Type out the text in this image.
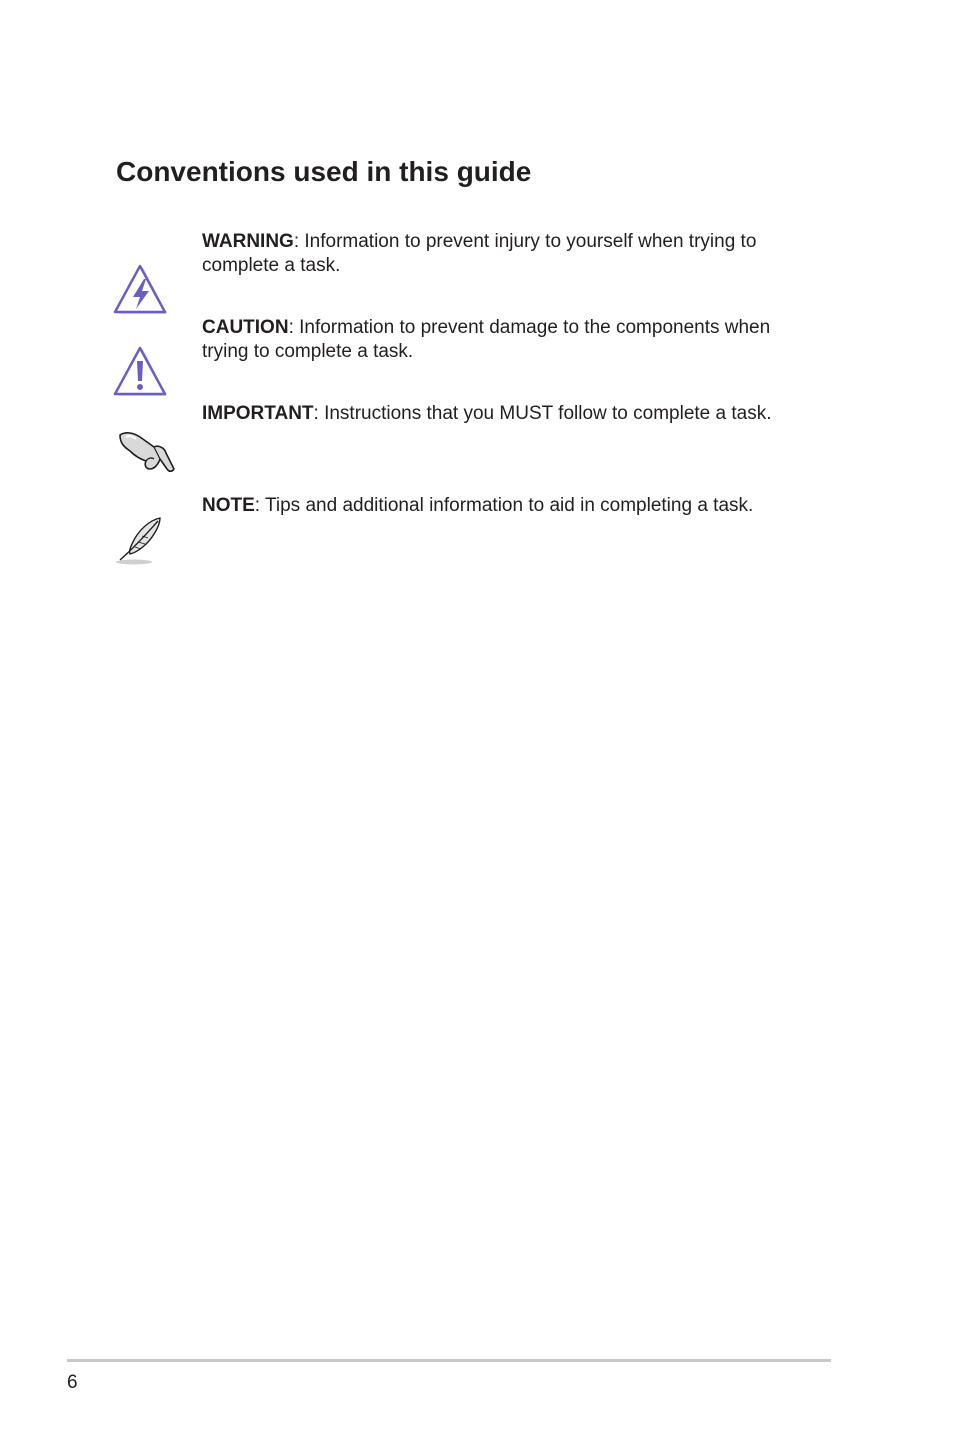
Conventions used in this guide

WARNING: Information to prevent injury to yourself when trying to complete a task.

CAUTION: Information to prevent damage to the components when trying to complete a task.

IMPORTANT: Instructions that you MUST follow to complete a task.

NOTE: Tips and additional information to aid in completing a task.

6
